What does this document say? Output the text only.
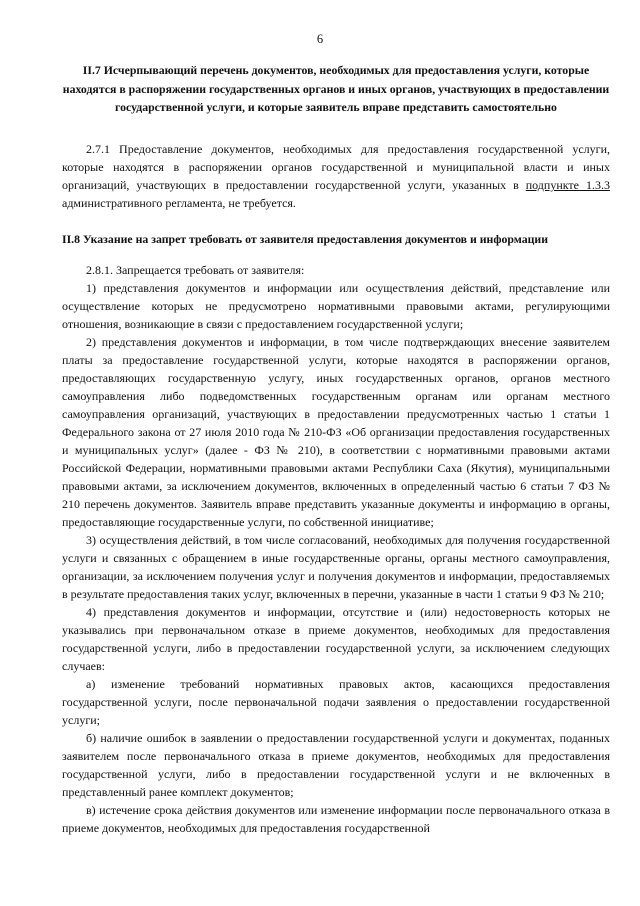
6
II.7 Исчерпывающий перечень документов, необходимых для предоставления услуги, которые находятся в распоряжении государственных органов и иных органов, участвующих в предоставлении государственной услуги, и которые заявитель вправе представить самостоятельно

2.7.1 Предоставление документов, необходимых для предоставления государственной услуги, которые находятся в распоряжении органов государственной и муниципальной власти и иных организаций, участвующих в предоставлении государственной услуги, указанных в подпункте 1.3.3 административного регламента, не требуется.

II.8 Указание на запрет требовать от заявителя предоставления документов и информации

2.8.1. Запрещается требовать от заявителя:

1) представления документов и информации или осуществления действий, представление или осуществление которых не предусмотрено нормативными правовыми актами, регулирующими отношения, возникающие в связи с предоставлением государственной услуги;

2) представления документов и информации, в том числе подтверждающих внесение заявителем платы за предоставление государственной услуги, которые находятся в распоряжении органов, предоставляющих государственную услугу, иных государственных органов, органов местного самоуправления либо подведомственных государственным органам или органам местного самоуправления организаций, участвующих в предоставлении предусмотренных частью 1 статьи 1 Федерального закона от 27 июля 2010 года № 210-ФЗ «Об организации предоставления государственных и муниципальных услуг» (далее - ФЗ № 210), в соответствии с нормативными правовыми актами Российской Федерации, нормативными правовыми актами Республики Саха (Якутия), муниципальными правовыми актами, за исключением документов, включенных в определенный частью 6 статьи 7 ФЗ № 210 перечень документов. Заявитель вправе представить указанные документы и информацию в органы, предоставляющие государственные услуги, по собственной инициативе;

3) осуществления действий, в том числе согласований, необходимых для получения государственной услуги и связанных с обращением в иные государственные органы, органы местного самоуправления, организации, за исключением получения услуг и получения документов и информации, предоставляемых в результате предоставления таких услуг, включенных в перечни, указанные в части 1 статьи 9 ФЗ № 210;

4) представления документов и информации, отсутствие и (или) недостоверность которых не указывались при первоначальном отказе в приеме документов, необходимых для предоставления государственной услуги, либо в предоставлении государственной услуги, за исключением следующих случаев:

а) изменение требований нормативных правовых актов, касающихся предоставления государственной услуги, после первоначальной подачи заявления о предоставлении государственной услуги;

б) наличие ошибок в заявлении о предоставлении государственной услуги и документах, поданных заявителем после первоначального отказа в приеме документов, необходимых для предоставления государственной услуги, либо в предоставлении государственной услуги и не включенных в представленный ранее комплект документов;

в) истечение срока действия документов или изменение информации после первоначального отказа в приеме документов, необходимых для предоставления государственной
